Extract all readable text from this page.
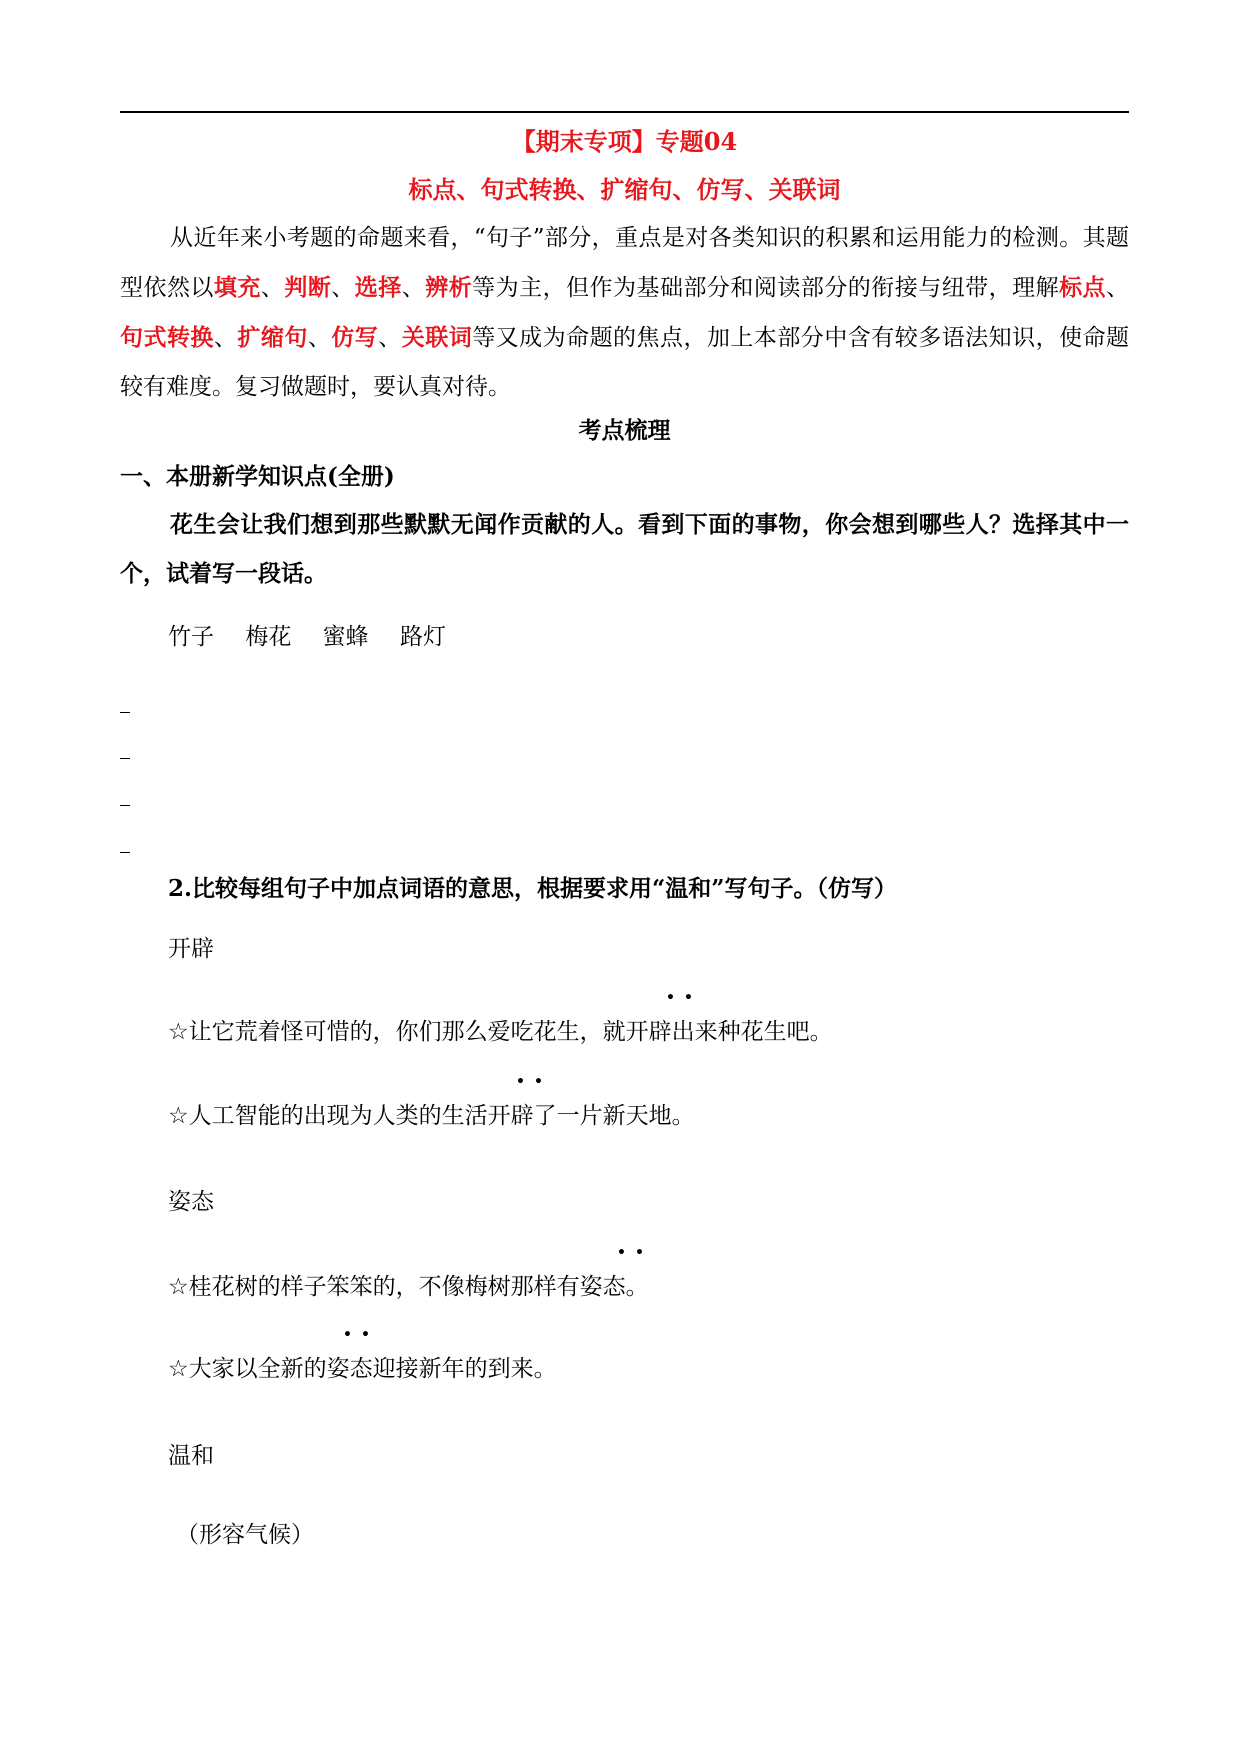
【期末专项】专题04
标点、句式转换、扩缩句、仿写、关联词
从近年来小考题的命题来看，“句子”部分，重点是对各类知识的积累和运用能力的检测。其题型依然以填充、判断、选择、辨析等为主，但作为基础部分和阅读部分的衔接与纽带，理解标点、句式转换、扩缩句、仿写、关联词等又成为命题的焦点，加上本部分中含有较多语法知识，使命题较有难度。复习做题时，要认真对待。
考点梳理
一、本册新学知识点(全册)
花生会让我们想到那些默默无闻作贡献的人。看到下面的事物，你会想到哪些人？选择其中一个，试着写一段话。
竹子 梅花 蜜蜂 路灯
2.比较每组句子中加点词语的意思，根据要求用“温和”写句子。（仿写）
开辟
••
☆让它荒着怪可惜的，你们那么爱吃花生，就开辟出来种花生吧。
••
☆人工智能的出现为人类的生活开辟了一片新天地。
姿态
••
☆桂花树的样子笨笨的，不像梅树那样有姿态。
••
☆大家以全新的姿态迎接新年的到来。
温和
（形容气候）
